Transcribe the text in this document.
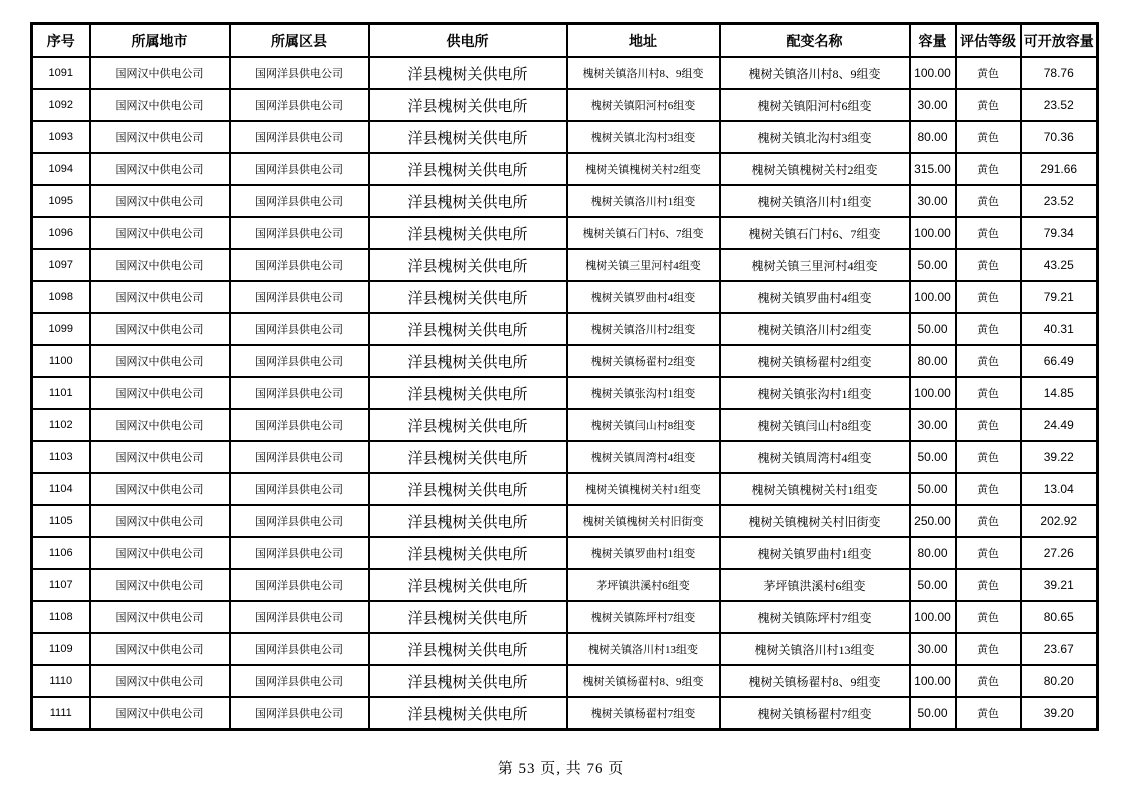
序号	所属地市	所属区县	供电所	地址	配变名称	容量	评估等级	可开放容量
1091	国网汉中供电公司	国网洋县供电公司	洋县槐树关供电所	槐树关镇洛川村8、9组变	槐树关镇洛川村8、9组变	100.00	黄色	78.76
1092	国网汉中供电公司	国网洋县供电公司	洋县槐树关供电所	槐树关镇阳河村6组变	槐树关镇阳河村6组变	30.00	黄色	23.52
1093	国网汉中供电公司	国网洋县供电公司	洋县槐树关供电所	槐树关镇北沟村3组变	槐树关镇北沟村3组变	80.00	黄色	70.36
1094	国网汉中供电公司	国网洋县供电公司	洋县槐树关供电所	槐树关镇槐树关村2组变	槐树关镇槐树关村2组变	315.00	黄色	291.66
1095	国网汉中供电公司	国网洋县供电公司	洋县槐树关供电所	槐树关镇洛川村1组变	槐树关镇洛川村1组变	30.00	黄色	23.52
1096	国网汉中供电公司	国网洋县供电公司	洋县槐树关供电所	槐树关镇石门村6、7组变	槐树关镇石门村6、7组变	100.00	黄色	79.34
1097	国网汉中供电公司	国网洋县供电公司	洋县槐树关供电所	槐树关镇三里河村4组变	槐树关镇三里河村4组变	50.00	黄色	43.25
1098	国网汉中供电公司	国网洋县供电公司	洋县槐树关供电所	槐树关镇罗曲村4组变	槐树关镇罗曲村4组变	100.00	黄色	79.21
1099	国网汉中供电公司	国网洋县供电公司	洋县槐树关供电所	槐树关镇洛川村2组变	槐树关镇洛川村2组变	50.00	黄色	40.31
1100	国网汉中供电公司	国网洋县供电公司	洋县槐树关供电所	槐树关镇杨翟村2组变	槐树关镇杨翟村2组变	80.00	黄色	66.49
1101	国网汉中供电公司	国网洋县供电公司	洋县槐树关供电所	槐树关镇张沟村1组变	槐树关镇张沟村1组变	100.00	黄色	14.85
1102	国网汉中供电公司	国网洋县供电公司	洋县槐树关供电所	槐树关镇闫山村8组变	槐树关镇闫山村8组变	30.00	黄色	24.49
1103	国网汉中供电公司	国网洋县供电公司	洋县槐树关供电所	槐树关镇周湾村4组变	槐树关镇周湾村4组变	50.00	黄色	39.22
1104	国网汉中供电公司	国网洋县供电公司	洋县槐树关供电所	槐树关镇槐树关村1组变	槐树关镇槐树关村1组变	50.00	黄色	13.04
1105	国网汉中供电公司	国网洋县供电公司	洋县槐树关供电所	槐树关镇槐树关村旧街变	槐树关镇槐树关村旧街变	250.00	黄色	202.92
1106	国网汉中供电公司	国网洋县供电公司	洋县槐树关供电所	槐树关镇罗曲村1组变	槐树关镇罗曲村1组变	80.00	黄色	27.26
1107	国网汉中供电公司	国网洋县供电公司	洋县槐树关供电所	茅坪镇洪溪村6组变	茅坪镇洪溪村6组变	50.00	黄色	39.21
1108	国网汉中供电公司	国网洋县供电公司	洋县槐树关供电所	槐树关镇陈坪村7组变	槐树关镇陈坪村7组变	100.00	黄色	80.65
1109	国网汉中供电公司	国网洋县供电公司	洋县槐树关供电所	槐树关镇洛川村13组变	槐树关镇洛川村13组变	30.00	黄色	23.67
1110	国网汉中供电公司	国网洋县供电公司	洋县槐树关供电所	槐树关镇杨翟村8、9组变	槐树关镇杨翟村8、9组变	100.00	黄色	80.20
1111	国网汉中供电公司	国网洋县供电公司	洋县槐树关供电所	槐树关镇杨翟村7组变	槐树关镇杨翟村7组变	50.00	黄色	39.20
第 53 页, 共 76 页
